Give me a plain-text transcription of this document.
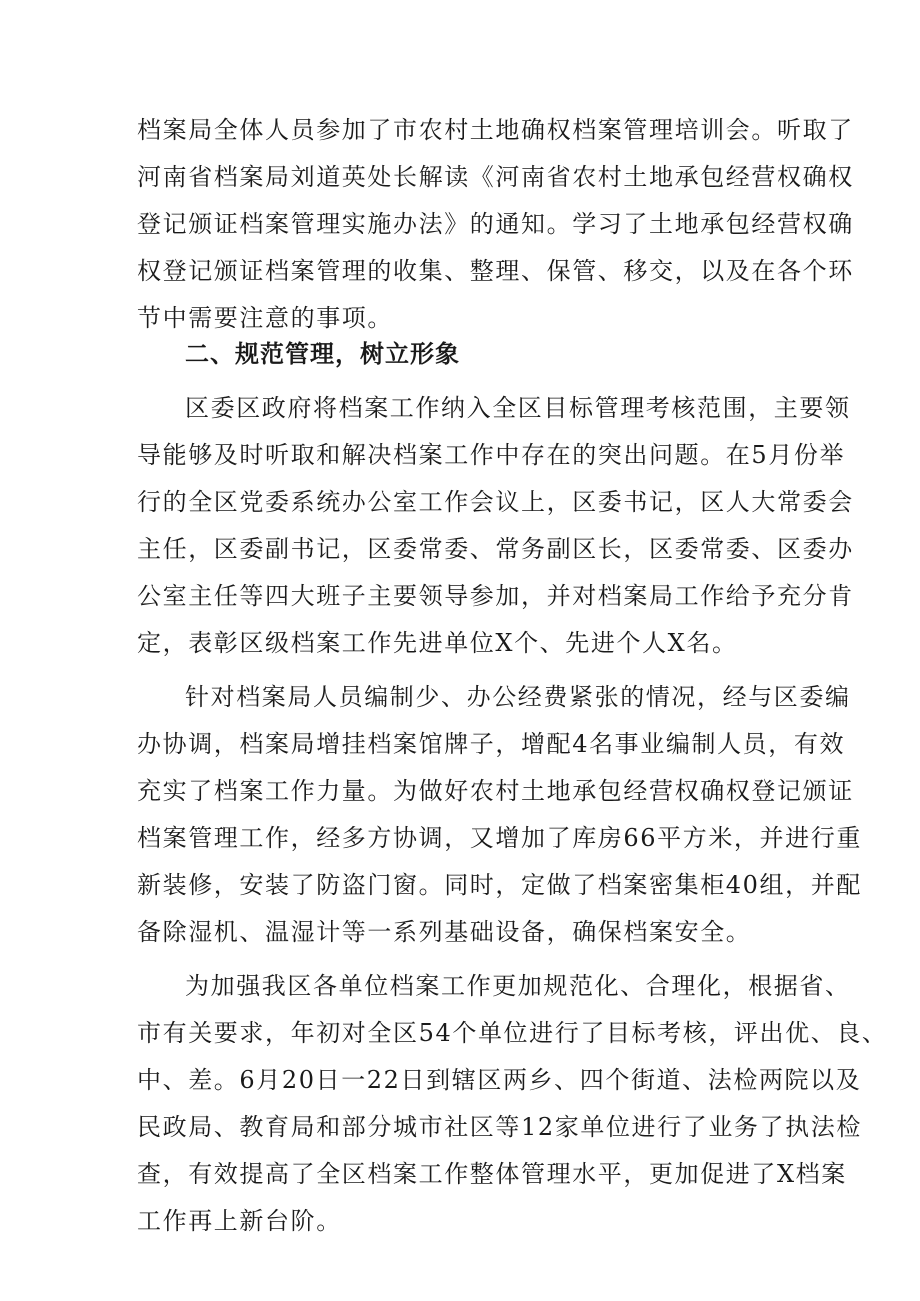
档案局全体人员参加了市农村土地确权档案管理培训会。听取了
河南省档案局刘道英处长解读《河南省农村土地承包经营权确权
登记颁证档案管理实施办法》的通知。学习了土地承包经营权确
权登记颁证档案管理的收集、整理、保管、移交，以及在各个环
节中需要注意的事项。
二、规范管理，树立形象
区委区政府将档案工作纳入全区目标管理考核范围，主要领
导能够及时听取和解决档案工作中存在的突出问题。在5月份举
行的全区党委系统办公室工作会议上，区委书记，区人大常委会
主任，区委副书记，区委常委、常务副区长，区委常委、区委办
公室主任等四大班子主要领导参加，并对档案局工作给予充分肯
定，表彰区级档案工作先进单位X个、先进个人X名。
针对档案局人员编制少、办公经费紧张的情况，经与区委编
办协调，档案局增挂档案馆牌子，增配4名事业编制人员，有效
充实了档案工作力量。为做好农村土地承包经营权确权登记颁证
档案管理工作，经多方协调，又增加了库房66平方米，并进行重
新装修，安装了防盗门窗。同时，定做了档案密集柜40组，并配
备除湿机、温湿计等一系列基础设备，确保档案安全。
为加强我区各单位档案工作更加规范化、合理化，根据省、
市有关要求，年初对全区54个单位进行了目标考核，评出优、良、
中、差。6月20日一22日到辖区两乡、四个街道、法检两院以及
民政局、教育局和部分城市社区等12家单位进行了业务了执法检
查，有效提高了全区档案工作整体管理水平，更加促进了X档案
工作再上新台阶。
